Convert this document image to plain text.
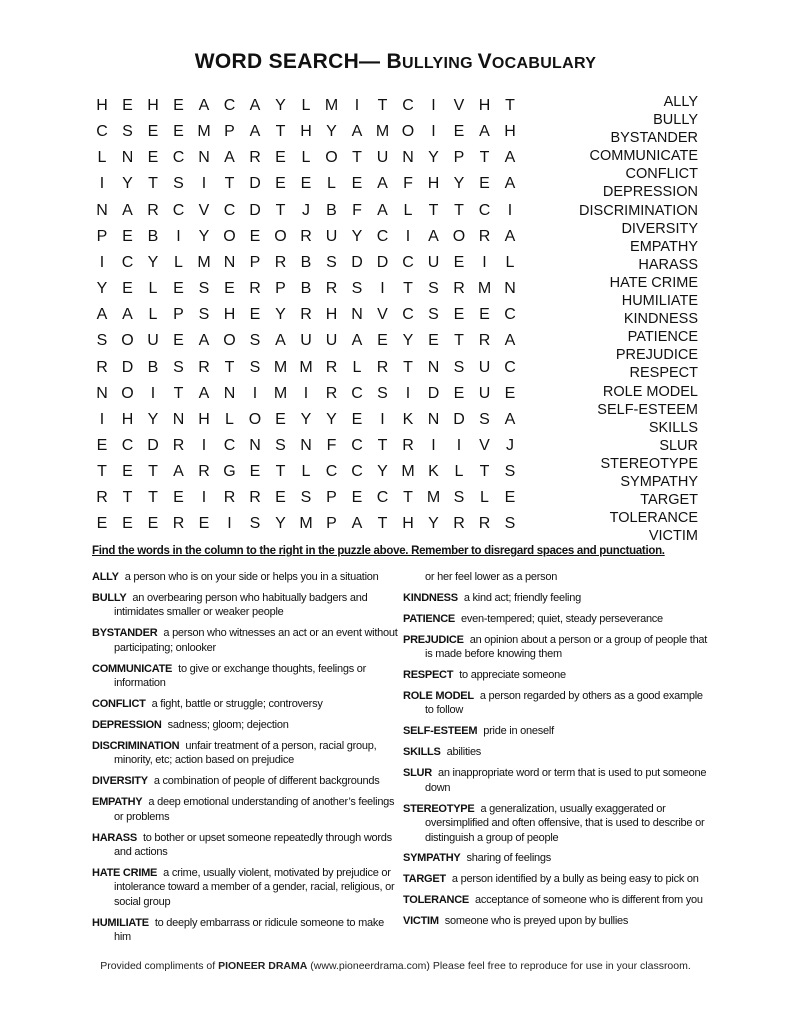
WORD SEARCH— BULLYING VOCABULARY
H E H E A C A Y L M	I	T C	I	V H T
C S E E M P A T H Y A M O	I	E A H
L N E C N A R E L O T U N Y P T A
I	Y T S	I	T D E E L E A F H Y E A
N A R C V C D T	J	B F A L	T T C	I
P E B	I	Y O E O R U Y C	I	A O R A
I	C Y L M N P R B S D D C U E	I	L
Y E L E S E R P B R S	I	T S R M N
A A L P S H E Y R H N V C S E E C
S O U E A O S A U U A E Y E T R A
R D B S R T S M M R L R T N S U C
N O	I	T A N	I	M	I	R C S	I	D E U E
I	H Y N H L O E Y Y E	I	K N D S A
E C D R	I	C N S N F C T R	I	I	V	J
T E T A R G E T	L C C Y M K L	T S
R T T E	I	R R E S P E C T M S L E
E E E R E	I	S Y M P A T H Y R R S
ALLY
BULLY
BYSTANDER
COMMUNICATE
CONFLICT
DEPRESSION
DISCRIMINATION
DIVERSITY
EMPATHY
HARASS
HATE CRIME
HUMILIATE
KINDNESS
PATIENCE
PREJUDICE
RESPECT
ROLE MODEL
SELF-ESTEEM
SKILLS
SLUR
STEREOTYPE
SYMPATHY
TARGET
TOLERANCE
VICTIM
Find the words in the column to the right in the puzzle above. Remember to disregard spaces and punctuation.
ALLY a person who is on your side or helps you in a situation
BULLY an overbearing person who habitually badgers and intimidates smaller or weaker people
BYSTANDER a person who witnesses an act or an event without participating; onlooker
COMMUNICATE to give or exchange thoughts, feelings or information
CONFLICT a fight, battle or struggle; controversy
DEPRESSION sadness; gloom; dejection
DISCRIMINATION unfair treatment of a person, racial group, minority, etc; action based on prejudice
DIVERSITY a combination of people of different backgrounds
EMPATHY a deep emotional understanding of another’s feelings or problems
HARASS to bother or upset someone repeatedly through words and actions
HATE CRIME a crime, usually violent, motivated by prejudice or intolerance toward a member of a gender, racial, religious, or social group
HUMILIATE to deeply embarrass or ridicule someone to make him
or her feel lower as a person
KINDNESS a kind act; friendly feeling
PATIENCE even-tempered; quiet, steady perseverance
PREJUDICE an opinion about a person or a group of people that is made before knowing them
RESPECT to appreciate someone
ROLE MODEL a person regarded by others as a good example to follow
SELF-ESTEEM pride in oneself
SKILLS abilities
SLUR an inappropriate word or term that is used to put someone down
STEREOTYPE a generalization, usually exaggerated or oversimplified and often offensive, that is used to describe or distinguish a group of people
SYMPATHY sharing of feelings
TARGET a person identified by a bully as being easy to pick on
TOLERANCE acceptance of someone who is different from you
VICTIM someone who is preyed upon by bullies
Provided compliments of PIONEER DRAMA (www.pioneerdrama.com) Please feel free to reproduce for use in your classroom.
